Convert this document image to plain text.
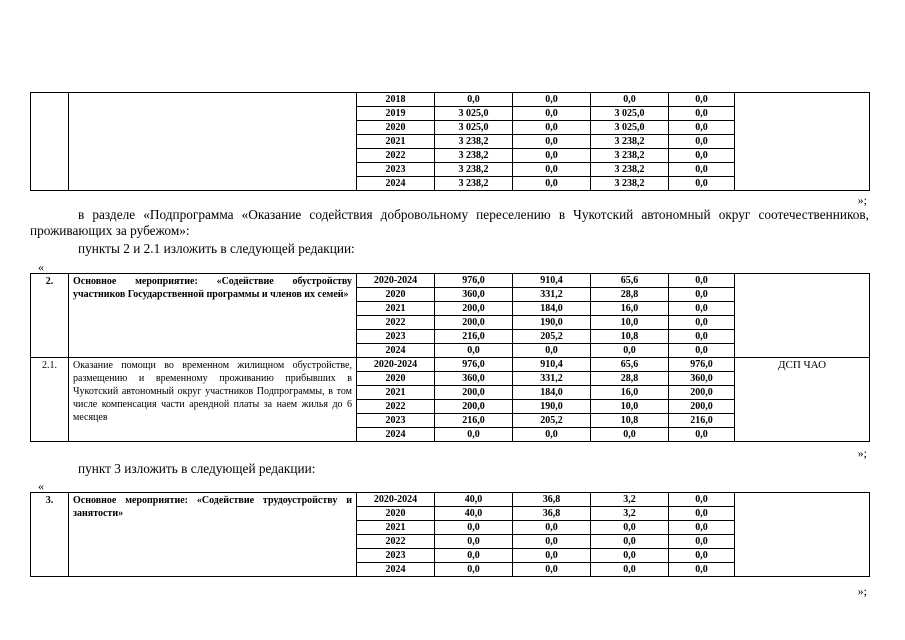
		2018	0,0	0,0	0,0	0,0	
		2019	3 025,0	0,0	3 025,0	0,0	
		2020	3 025,0	0,0	3 025,0	0,0	
		2021	3 238,2	0,0	3 238,2	0,0	
		2022	3 238,2	0,0	3 238,2	0,0	
		2023	3 238,2	0,0	3 238,2	0,0	
		2024	3 238,2	0,0	3 238,2	0,0	
»;
в разделе «Подпрограмма «Оказание содействия добровольному переселению в Чукотский автономный округ соотечественников, проживающих за рубежом»:
пункты 2 и 2.1 изложить в следующей редакции:
«
2.	Основное мероприятие: «Содействие обустройству участников Государственной программы и членов их семей»	2020-2024	976,0	910,4	65,6	0,0	
		2020	360,0	331,2	28,8	0,0	
		2021	200,0	184,0	16,0	0,0	
		2022	200,0	190,0	10,0	0,0	
		2023	216,0	205,2	10,8	0,0	
		2024	0,0	0,0	0,0	0,0	
2.1.	Оказание помощи во временном жилищном обустройстве, размещению и временному проживанию прибывших в Чукотский автономный округ участников Подпрограммы, в том числе компенсация части арендной платы за наем жилья до 6 месяцев	2020-2024	976,0	910,4	65,6	976,0	ДСП ЧАО
		2020	360,0	331,2	28,8	360,0	
		2021	200,0	184,0	16,0	200,0	
		2022	200,0	190,0	10,0	200,0	
		2023	216,0	205,2	10,8	216,0	
		2024	0,0	0,0	0,0	0,0	
»;
пункт 3 изложить в следующей редакции:
«
3.	Основное мероприятие: «Содействие трудоустройству и занятости»	2020-2024	40,0	36,8	3,2	0,0	
		2020	40,0	36,8	3,2	0,0	
		2021	0,0	0,0	0,0	0,0	
		2022	0,0	0,0	0,0	0,0	
		2023	0,0	0,0	0,0	0,0	
		2024	0,0	0,0	0,0	0,0	
»;
